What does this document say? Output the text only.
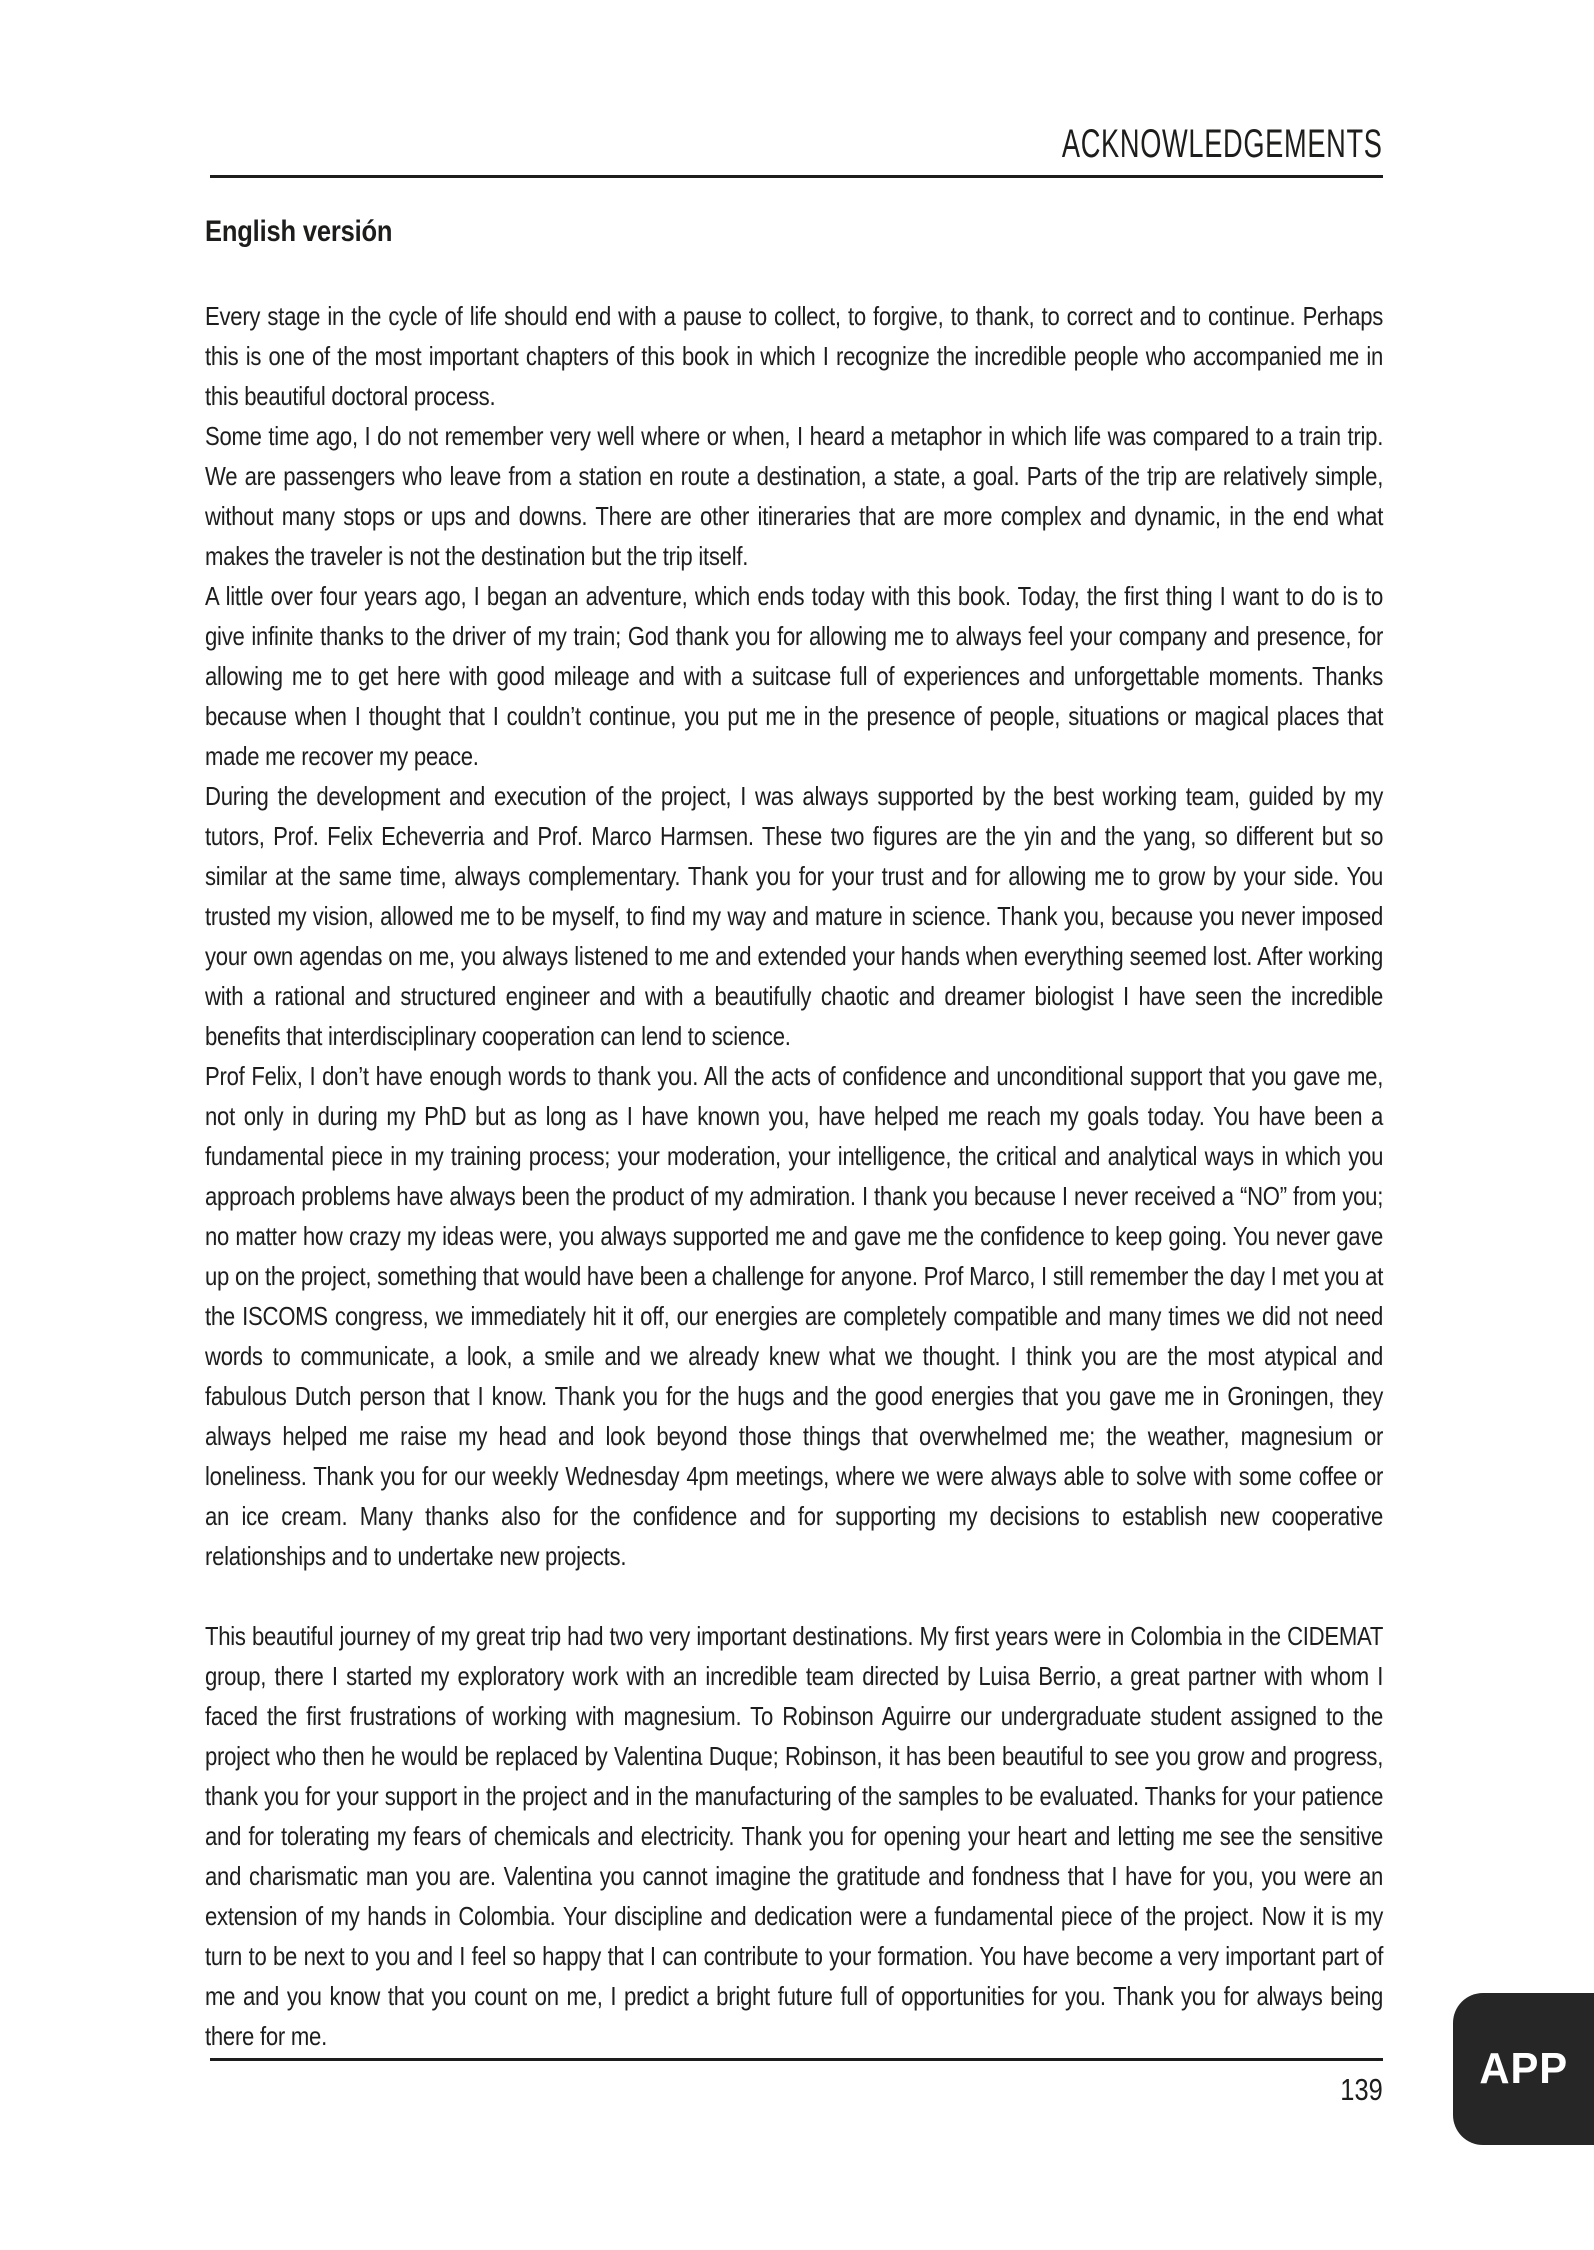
ACKNOWLEDGEMENTS
English versión

Every stage in the cycle of life should end with a pause to collect, to forgive, to thank, to correct and to continue. Perhaps this is one of the most important chapters of this book in which I recognize the incredible people who accompanied me in this beautiful doctoral process.

Some time ago, I do not remember very well where or when, I heard a metaphor in which life was compared to a train trip. We are passengers who leave from a station en route a destination, a state, a goal. Parts of the trip are relatively simple, without many stops or ups and downs. There are other itineraries that are more complex and dynamic, in the end what makes the traveler is not the destination but the trip itself.

A little over four years ago, I began an adventure, which ends today with this book. Today, the first thing I want to do is to give infinite thanks to the driver of my train; God thank you for allowing me to always feel your company and presence, for allowing me to get here with good mileage and with a suitcase full of experiences and unforgettable moments. Thanks because when I thought that I couldn’t continue, you put me in the presence of people, situations or magical places that made me recover my peace.

During the development and execution of the project, I was always supported by the best working team, guided by my tutors, Prof. Felix Echeverria and Prof. Marco Harmsen. These two figures are the yin and the yang, so different but so similar at the same time, always complementary. Thank you for your trust and for allowing me to grow by your side. You trusted my vision, allowed me to be myself, to find my way and mature in science. Thank you, because you never imposed your own agendas on me, you always listened to me and extended your hands when everything seemed lost. After working with a rational and structured engineer and with a beautifully chaotic and dreamer biologist I have seen the incredible benefits that interdisciplinary cooperation can lend to science.

Prof Felix, I don’t have enough words to thank you. All the acts of confidence and unconditional support that you gave me, not only in during my PhD but as long as I have known you, have helped me reach my goals today. You have been a fundamental piece in my training process; your moderation, your intelligence, the critical and analytical ways in which you approach problems have always been the product of my admiration. I thank you because I never received a “NO” from you; no matter how crazy my ideas were, you always supported me and gave me the confidence to keep going. You never gave up on the project, something that would have been a challenge for anyone. Prof Marco, I still remember the day I met you at the ISCOMS congress, we immediately hit it off, our energies are completely compatible and many times we did not need words to communicate, a look, a smile and we already knew what we thought. I think you are the most atypical and fabulous Dutch person that I know. Thank you for the hugs and the good energies that you gave me in Groningen, they always helped me raise my head and look beyond those things that overwhelmed me; the weather, magnesium or loneliness. Thank you for our weekly Wednesday 4pm meetings, where we were always able to solve with some coffee or an ice cream. Many thanks also for the confidence and for supporting my decisions to establish new cooperative relationships and to undertake new projects.

This beautiful journey of my great trip had two very important destinations. My first years were in Colombia in the CIDEMAT group, there I started my exploratory work with an incredible team directed by Luisa Berrio, a great partner with whom I faced the first frustrations of working with magnesium. To Robinson Aguirre our undergraduate student assigned to the project who then he would be replaced by Valentina Duque; Robinson, it has been beautiful to see you grow and progress, thank you for your support in the project and in the manufacturing of the samples to be evaluated. Thanks for your patience and for tolerating my fears of chemicals and electricity. Thank you for opening your heart and letting me see the sensitive and charismatic man you are. Valentina you cannot imagine the gratitude and fondness that I have for you, you were an extension of my hands in Colombia. Your discipline and dedication were a fundamental piece of the project. Now it is my turn to be next to you and I feel so happy that I can contribute to your formation. You have become a very important part of me and you know that you count on me, I predict a bright future full of opportunities for you. Thank you for always being there for me.

139 APP
